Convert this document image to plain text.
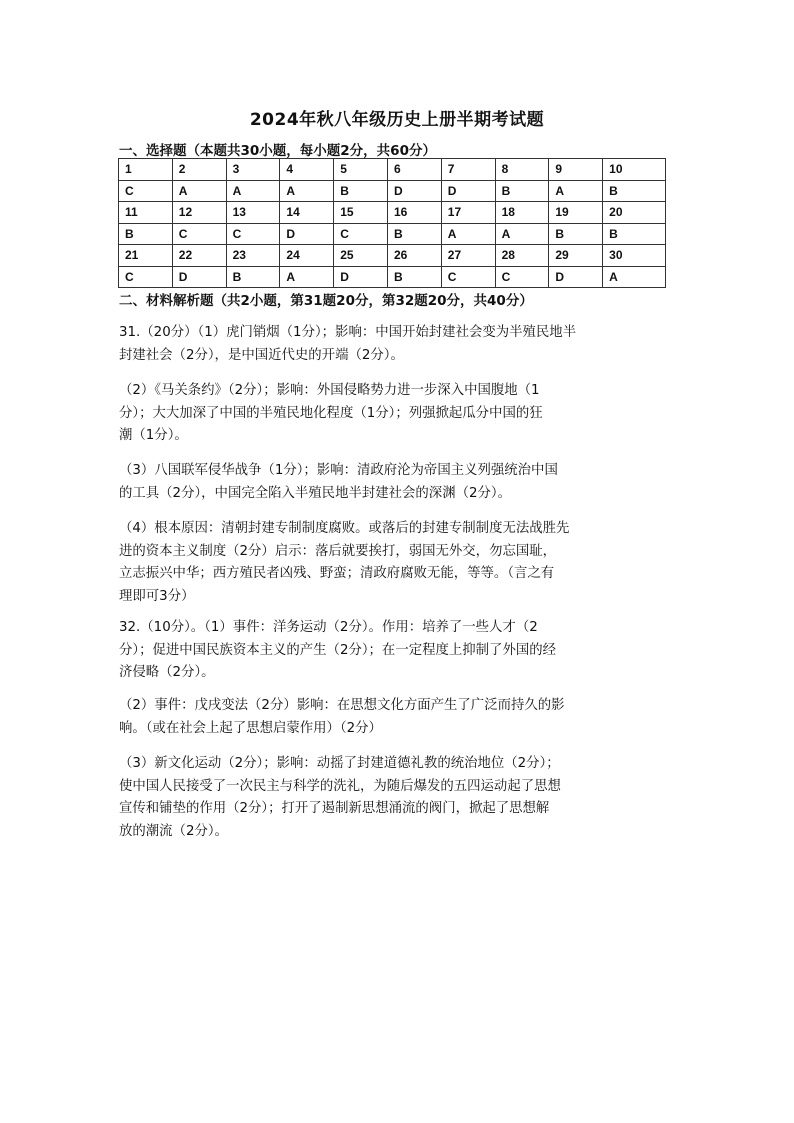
2024年秋八年级历史上册半期考试题
一、选择题（本题共30小题，每小题2分，共60分）
1	2	3	4	5	6	7	8	9	10
C	A	A	A	B	D	D	B	A	B
11	12	13	14	15	16	17	18	19	20
B	C	C	D	C	B	A	A	B	B
21	22	23	24	25	26	27	28	29	30
C	D	B	A	D	B	C	C	D	A
二、材料解析题（共2小题，第31题20分，第32题20分，共40分）
31.（20分）（1）虎门销烟（1分）；影响：中国开始封建社会变为半殖民地半
封建社会（2分），是中国近代史的开端（2分）。
（2）《马关条约》（2分）；影响：外国侵略势力进一步深入中国腹地（1
分）；大大加深了中国的半殖民地化程度（1分）；列强掀起瓜分中国的狂
潮（1分）。
（3）八国联军侵华战争（1分）；影响：清政府沦为帝国主义列强统治中国
的工具（2分），中国完全陷入半殖民地半封建社会的深渊（2分）。
（4）根本原因：清朝封建专制制度腐败。或落后的封建专制制度无法战胜先
进的资本主义制度（2分）启示：落后就要挨打，弱国无外交，勿忘国耻，
立志振兴中华；西方殖民者凶残、野蛮；清政府腐败无能，等等。（言之有
理即可3分）
32.（10分）。（1）事件：洋务运动（2分）。作用：培养了一些人才（2
分）；促进中国民族资本主义的产生（2分）；在一定程度上抑制了外国的经
济侵略（2分）。
（2）事件：戊戌变法（2分）影响：在思想文化方面产生了广泛而持久的影
响。（或在社会上起了思想启蒙作用）（2分）
（3）新文化运动（2分）；影响：动摇了封建道德礼教的统治地位（2分）；
使中国人民接受了一次民主与科学的洗礼，为随后爆发的五四运动起了思想
宣传和铺垫的作用（2分）；打开了遏制新思想涌流的阀门，掀起了思想解
放的潮流（2分）。
